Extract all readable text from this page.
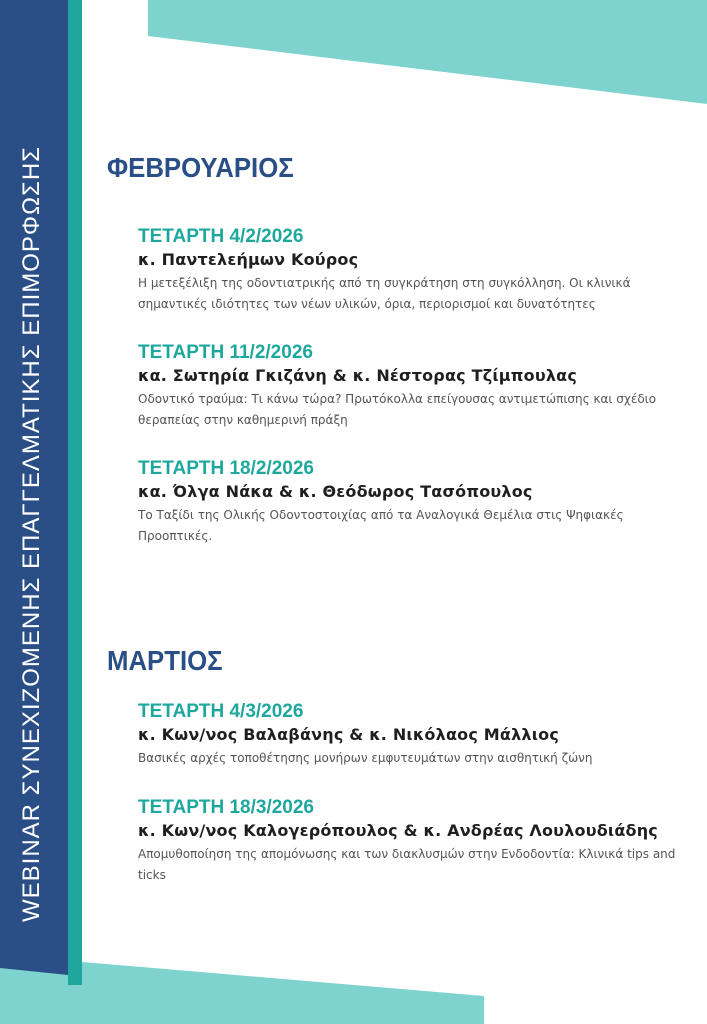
WEBINAR ΣΥΝΕΧΙΖΟΜΕΝΗΣ ΕΠΑΓΓΕΛΜΑΤΙΚΗΣ ΕΠΙΜΟΡΦΩΣΗΣ ΦΕΒΡΟΥΑΡΙΟΣ
ΤΕΤΑΡΤΗ 4/2/2026
κ. Παντελεήμων Κούρος
Η μετεξέλιξη της οδοντιατρικής από τη συγκράτηση στη συγκόλληση. Οι κλινικά σημαντικές ιδιότητες των νέων υλικών, όρια, περιορισμοί και δυνατότητες
ΤΕΤΑΡΤΗ 11/2/2026
κα. Σωτηρία Γκιζάνη & κ. Νέστορας Τζίμπουλας
Οδοντικό τραύμα: Τι κάνω τώρα? Πρωτόκολλα επείγουσας αντιμετώπισης και σχέδιο θεραπείας στην καθημερινή πράξη
ΤΕΤΑΡΤΗ 18/2/2026
κα. Όλγα Νάκα & κ. Θεόδωρος Τασόπουλος
Το Ταξίδι της Ολικής Οδοντοστοιχίας από τα Αναλογικά Θεμέλια στις Ψηφιακές Προοπτικές.
ΜΑΡΤΙΟΣ
ΤΕΤΑΡΤΗ 4/3/2026
κ. Κων/νος Βαλαβάνης & κ. Νικόλαος Μάλλιος
Βασικές αρχές τοποθέτησης μονήρων εμφυτευμάτων στην αισθητική ζώνη
ΤΕΤΑΡΤΗ 18/3/2026
κ. Κων/νος Καλογερόπουλος & κ. Ανδρέας Λουλουδιάδης
Απομυθοποίηση της απομόνωσης και των διακλυσμών στην Ενδοδοντία: Κλινικά tips and ticks
